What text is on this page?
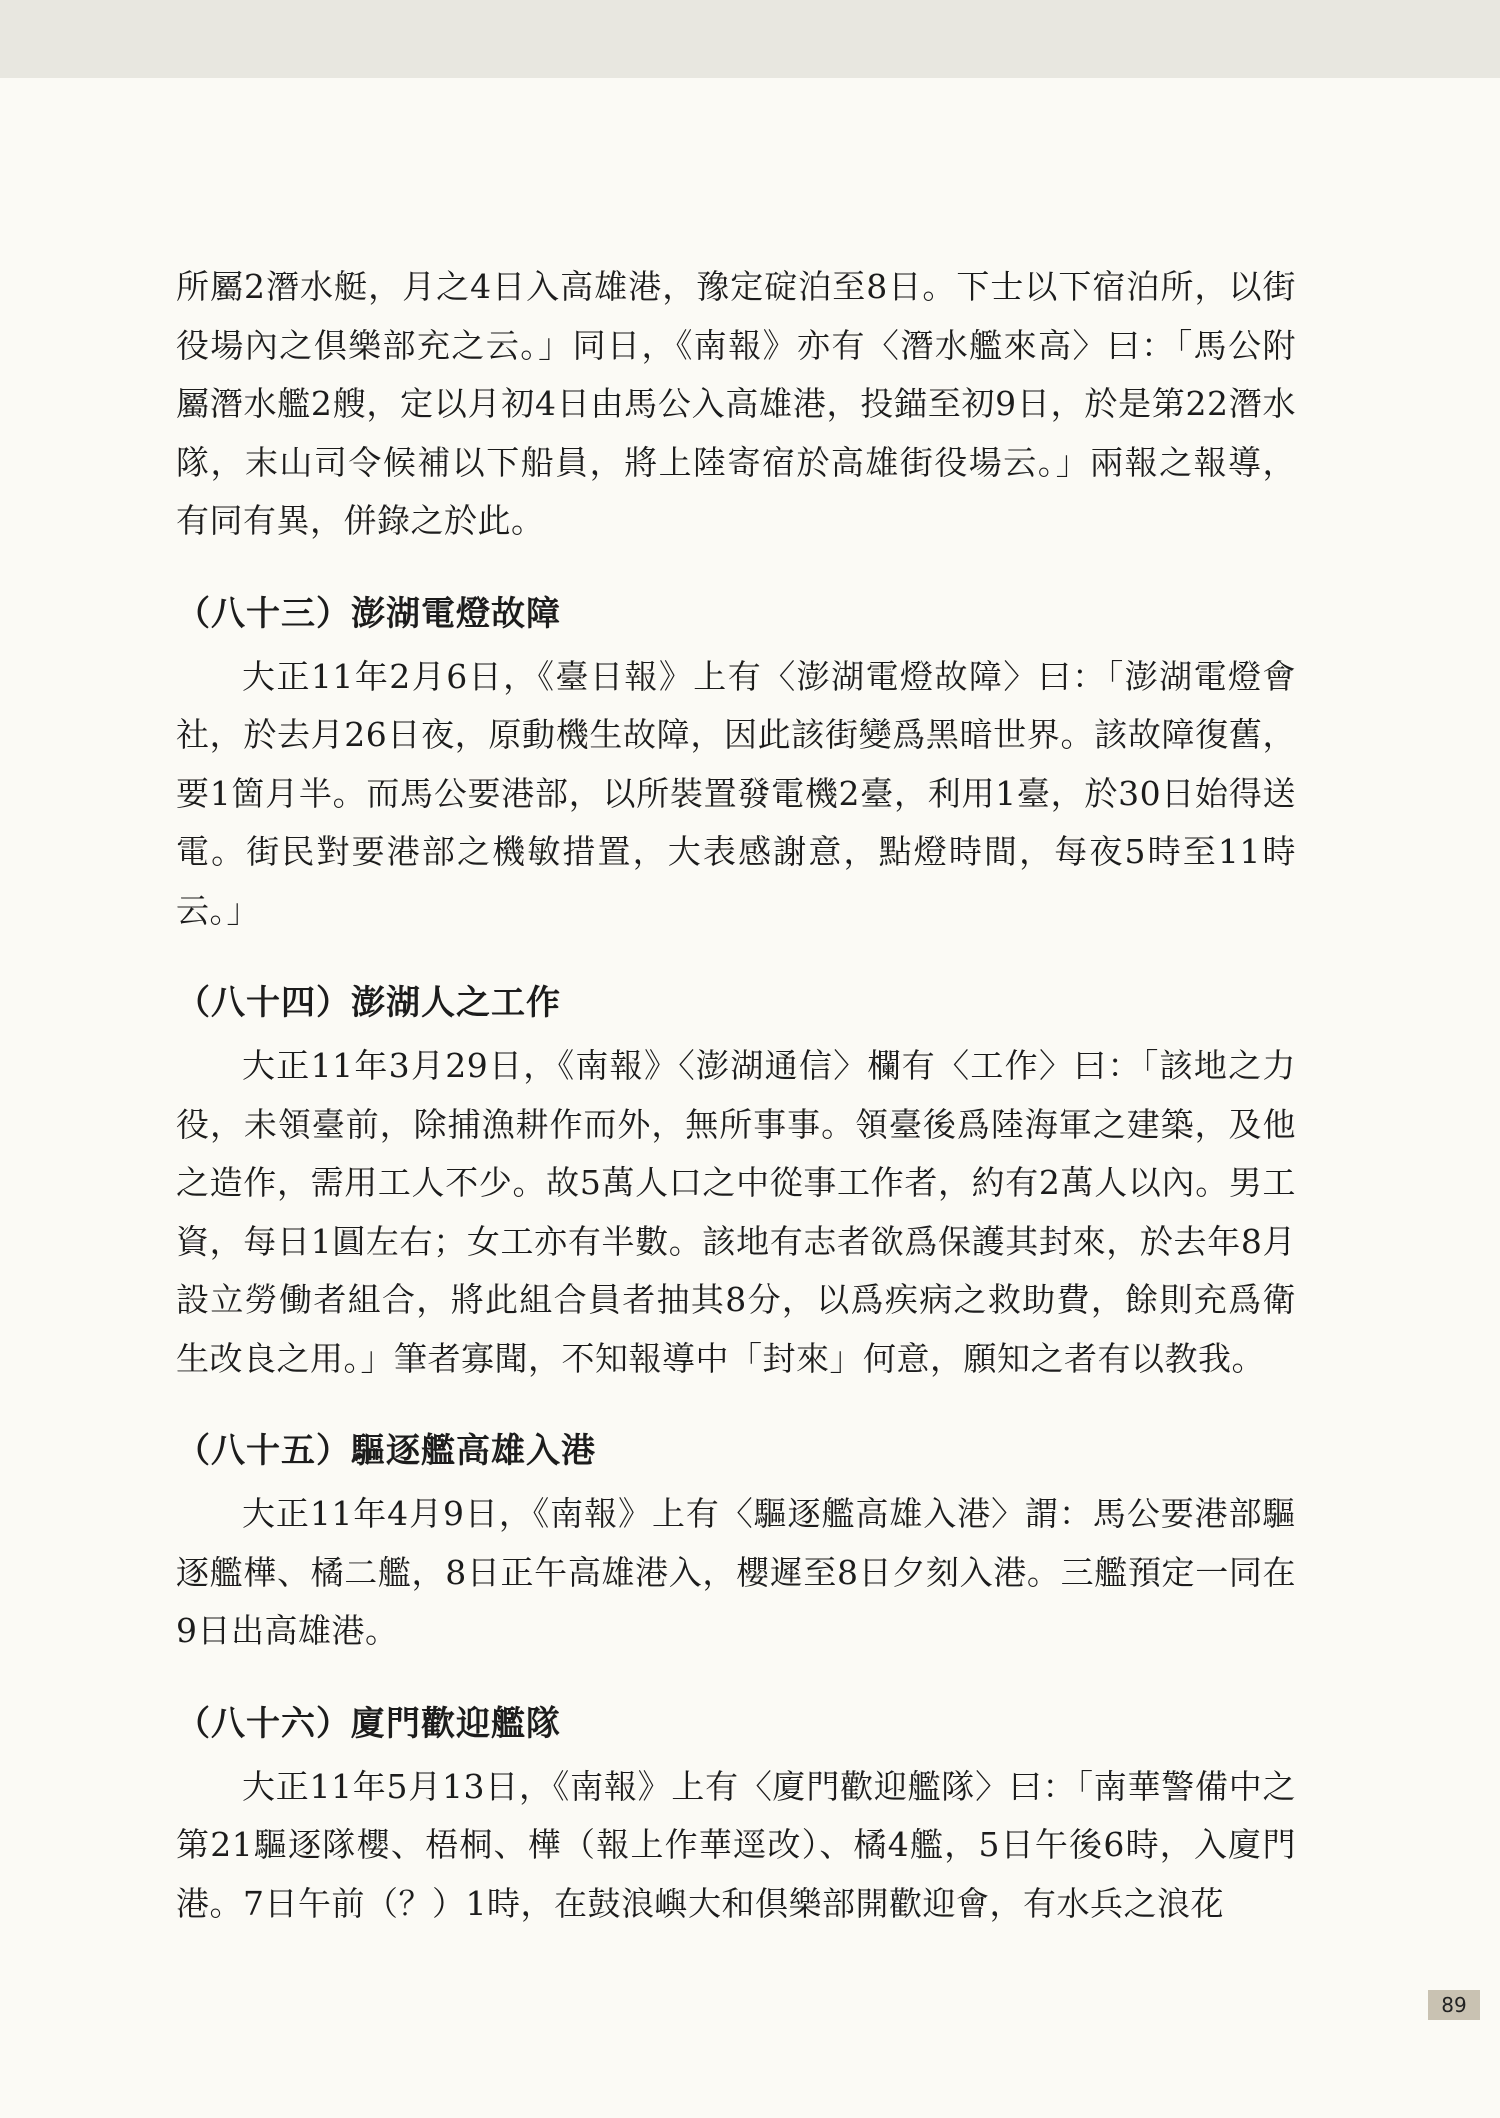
所屬2潛水艇，月之4日入高雄港，豫定碇泊至8日。下士以下宿泊所，以街役場內之倶樂部充之云。」同日，《南報》亦有〈潛水艦來高〉曰：「馬公附屬潛水艦2艘，定以月初4日由馬公入高雄港，投錨至初9日，於是第22潛水隊，末山司令候補以下船員，將上陸寄宿於高雄街役場云。」兩報之報導，有同有異，併錄之於此。

（八十三）澎湖電燈故障

大正11年2月6日，《臺日報》上有〈澎湖電燈故障〉曰：「澎湖電燈會社，於去月26日夜，原動機生故障，因此該街變爲黑暗世界。該故障復舊，要1箇月半。而馬公要港部，以所裝置發電機2臺，利用1臺，於30日始得送電。街民對要港部之機敏措置，大表感謝意，點燈時間，每夜5時至11時云。」

（八十四）澎湖人之工作

大正11年3月29日，《南報》〈澎湖通信〉欄有〈工作〉曰：「該地之力役，未領臺前，除捕漁耕作而外，無所事事。領臺後爲陸海軍之建築，及他之造作，需用工人不少。故5萬人口之中從事工作者，約有2萬人以內。男工資，每日1圓左右；女工亦有半數。該地有志者欲爲保護其封來，於去年8月設立勞働者組合，將此組合員者抽其8分，以爲疾病之救助費，餘則充爲衛生改良之用。」筆者寡聞，不知報導中「封來」何意，願知之者有以教我。

（八十五）驅逐艦高雄入港

大正11年4月9日，《南報》上有〈驅逐艦高雄入港〉謂：馬公要港部驅逐艦樺、橘二艦，8日正午高雄港入，櫻遲至8日夕刻入港。三艦預定一同在9日出高雄港。

（八十六）廈門歡迎艦隊

大正11年5月13日，《南報》上有〈廈門歡迎艦隊〉曰：「南華警備中之第21驅逐隊櫻、梧桐、樺（報上作華逕改）、橘4艦，5日午後6時，入廈門港。7日午前（？）1時，在鼓浪嶼大和倶樂部開歡迎會，有水兵之浪花

89
